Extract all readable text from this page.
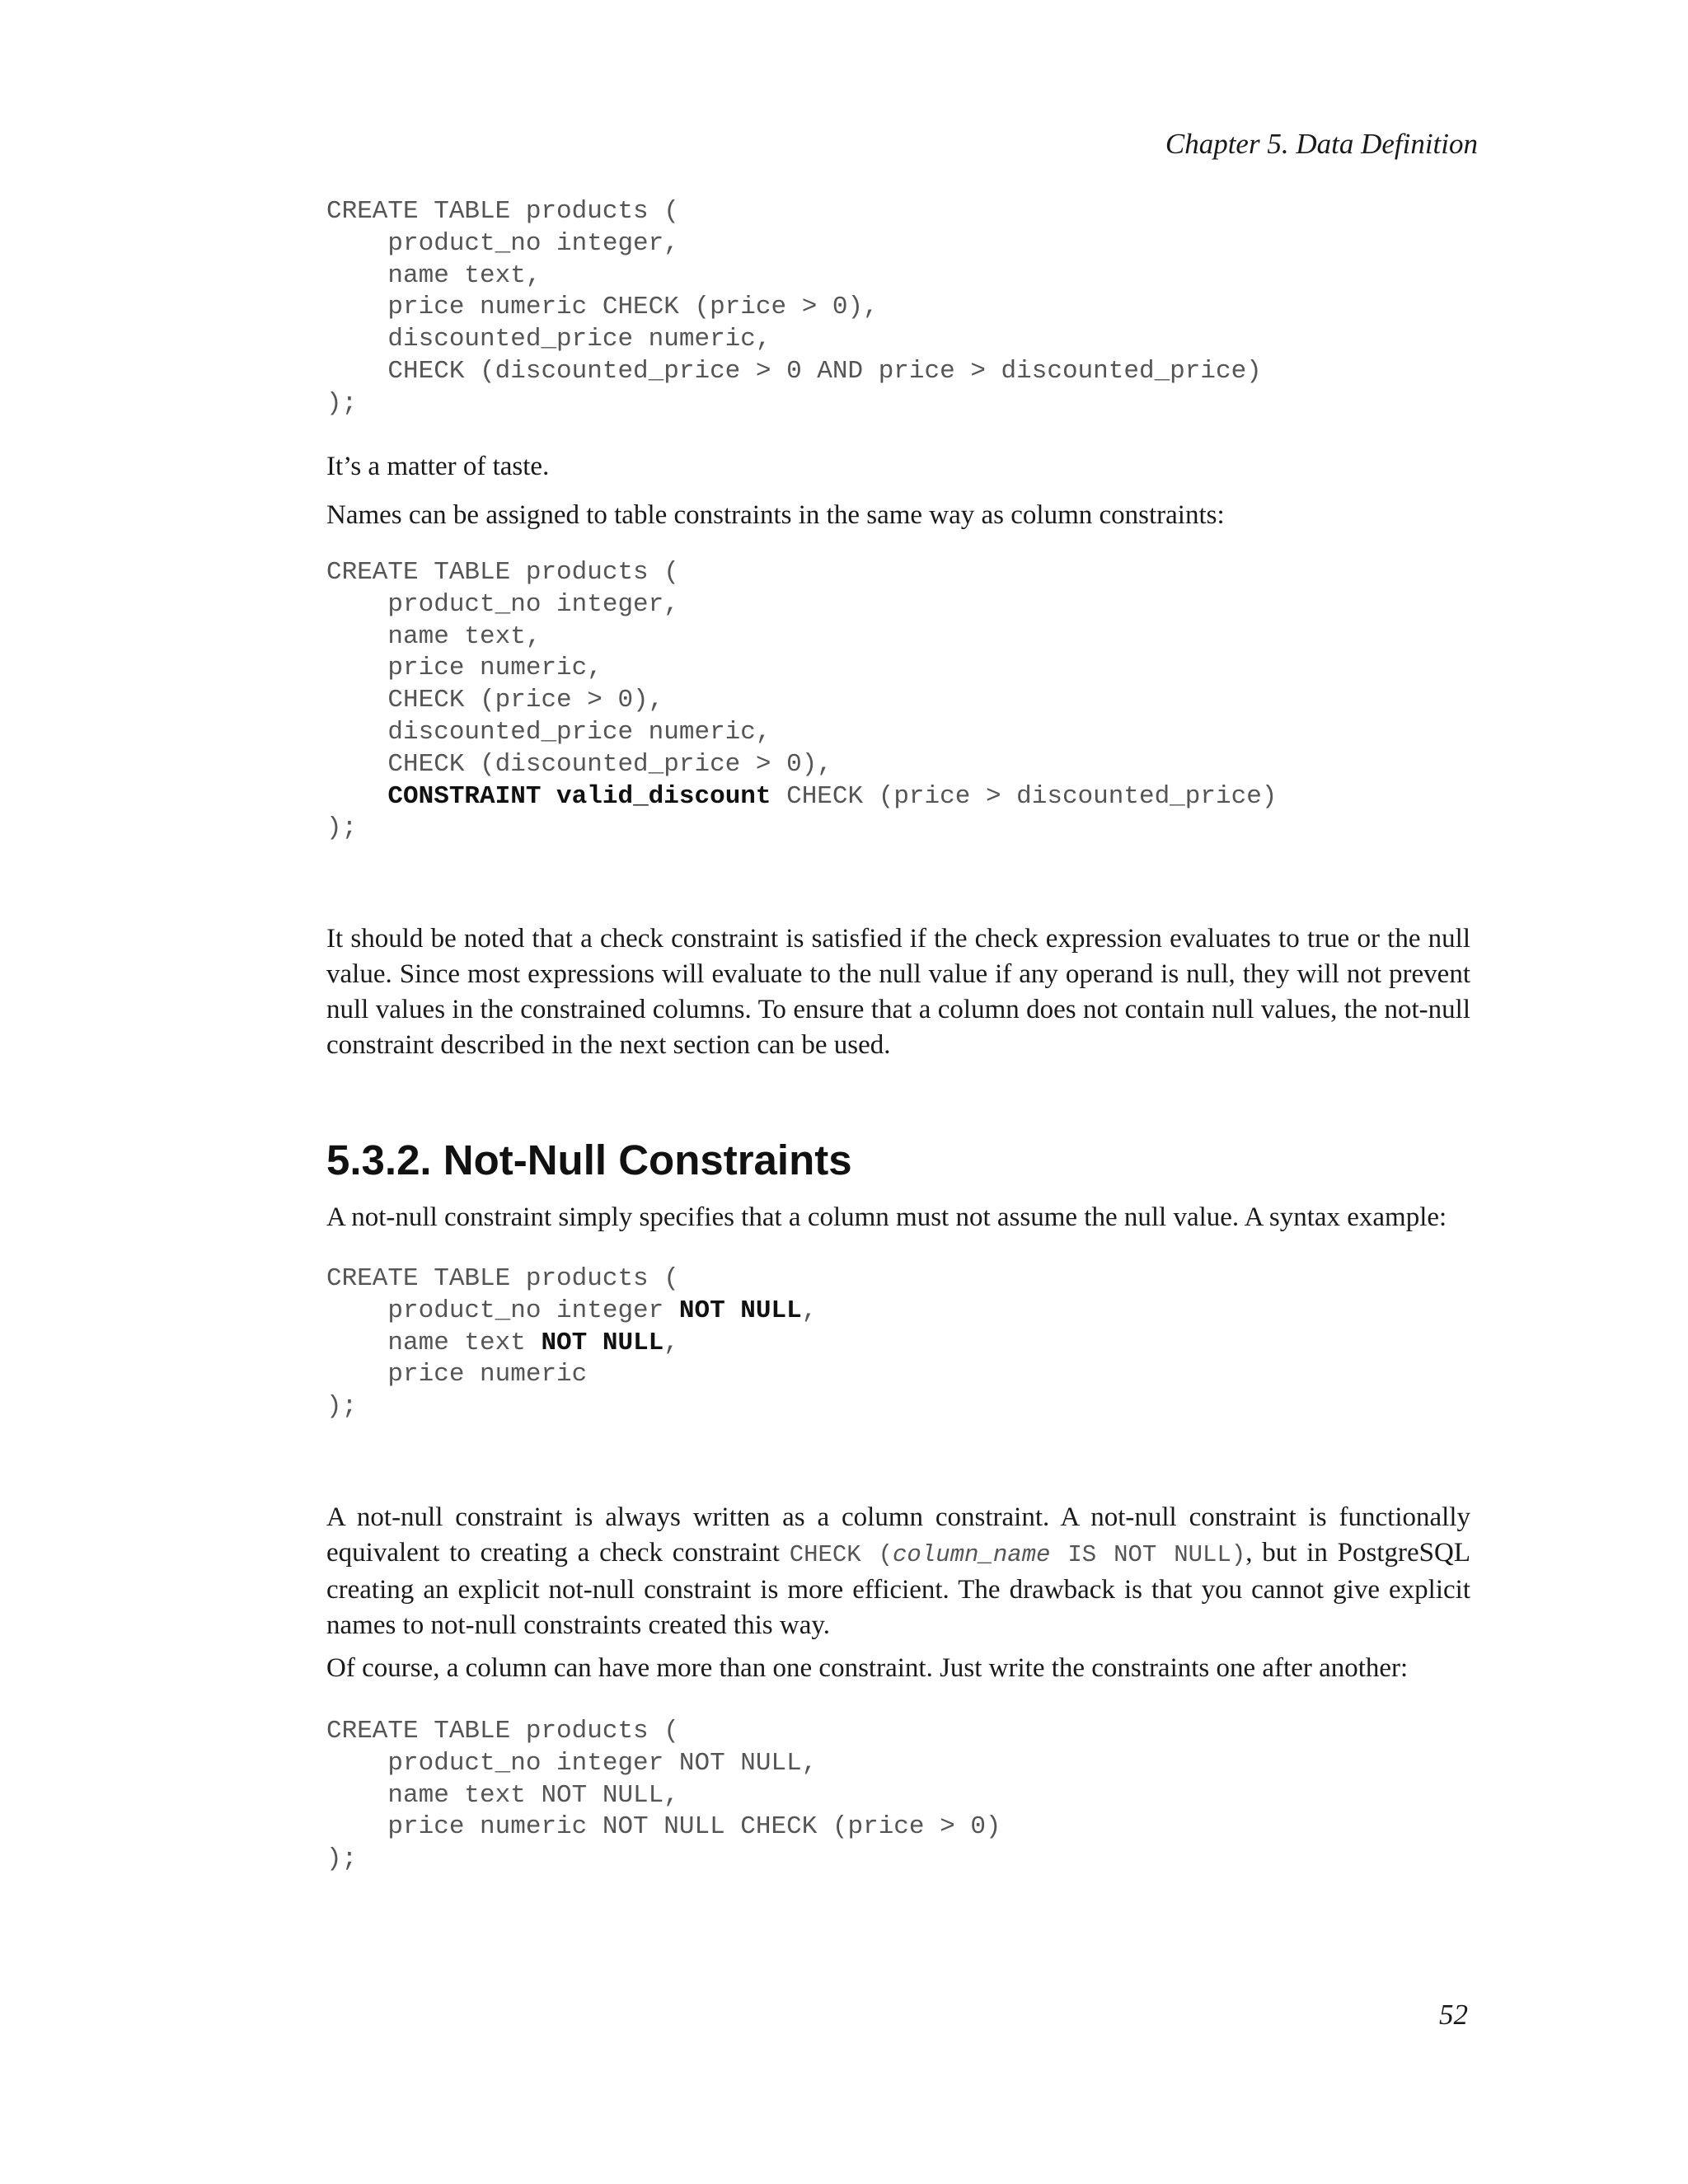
Chapter 5. Data Definition
CREATE TABLE products (
product_no integer,
name text,
price numeric CHECK (price > 0),
discounted_price numeric,
CHECK (discounted_price > 0 AND price > discounted_price)
);

It’s a matter of taste.

Names can be assigned to table constraints in the same way as column constraints:

CREATE TABLE products (
product_no integer,
name text,
price numeric,
CHECK (price > 0),
discounted_price numeric,
CHECK (discounted_price > 0),
CONSTRAINT valid_discount CHECK (price > discounted_price)
);

It should be noted that a check constraint is satisfied if the check expression evaluates to true or the null value. Since most expressions will evaluate to the null value if any operand is null, they will not prevent null values in the constrained columns. To ensure that a column does not contain null values, the not-null constraint described in the next section can be used.

5.3.2. Not-Null Constraints

A not-null constraint simply specifies that a column must not assume the null value. A syntax example:

CREATE TABLE products (
product_no integer NOT NULL,
name text NOT NULL,
price numeric
);

A not-null constraint is always written as a column constraint. A not-null constraint is functionally equivalent to creating a check constraint CHECK (column_name IS NOT NULL), but in PostgreSQL creating an explicit not-null constraint is more efficient. The drawback is that you cannot give explicit names to not-null constraints created this way.

Of course, a column can have more than one constraint. Just write the constraints one after another:

CREATE TABLE products (
product_no integer NOT NULL,
name text NOT NULL,
price numeric NOT NULL CHECK (price > 0)
);
52
